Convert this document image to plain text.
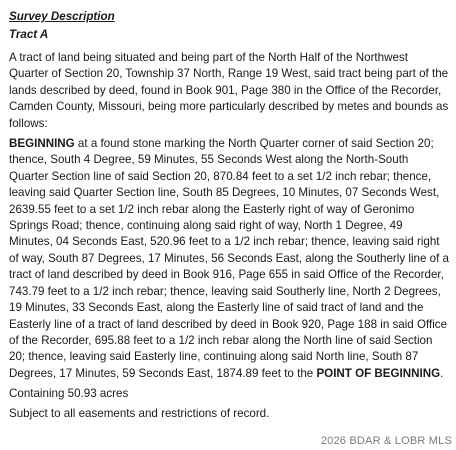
Survey Description

Tract A

A tract of land being situated and being part of the North Half of the Northwest Quarter of Section 20, Township 37 North, Range 19 West, said tract being part of the lands described by deed, found in Book 901, Page 380 in the Office of the Recorder, Camden County, Missouri, being more particularly described by metes and bounds as follows:

BEGINNING at a found stone marking the North Quarter corner of said Section 20; thence, South 4 Degree, 59 Minutes, 55 Seconds West along the North-South Quarter Section line of said Section 20, 870.84 feet to a set 1/2 inch rebar; thence, leaving said Quarter Section line, South 85 Degrees, 10 Minutes, 07 Seconds West, 2639.55 feet to a set 1/2 inch rebar along the Easterly right of way of Geronimo Springs Road; thence, continuing along said right of way, North 1 Degree, 49 Minutes, 04 Seconds East, 520.96 feet to a 1/2 inch rebar; thence, leaving said right of way, South 87 Degrees, 17 Minutes, 56 Seconds East, along the Southerly line of a tract of land described by deed in Book 916, Page 655 in said Office of the Recorder, 743.79 feet to a 1/2 inch rebar; thence, leaving said Southerly line, North 2 Degrees, 19 Minutes, 33 Seconds East, along the Easterly line of said tract of land and the Easterly line of a tract of land described by deed in Book 920, Page 188 in said Office of the Recorder, 695.88 feet to a 1/2 inch rebar along the North line of said Section 20; thence, leaving said Easterly line, continuing along said North line, South 87 Degrees, 17 Minutes, 59 Seconds East, 1874.89 feet to the POINT OF BEGINNING.

Containing 50.93 acres

Subject to all easements and restrictions of record.

2026 BDAR & LOBR MLS
